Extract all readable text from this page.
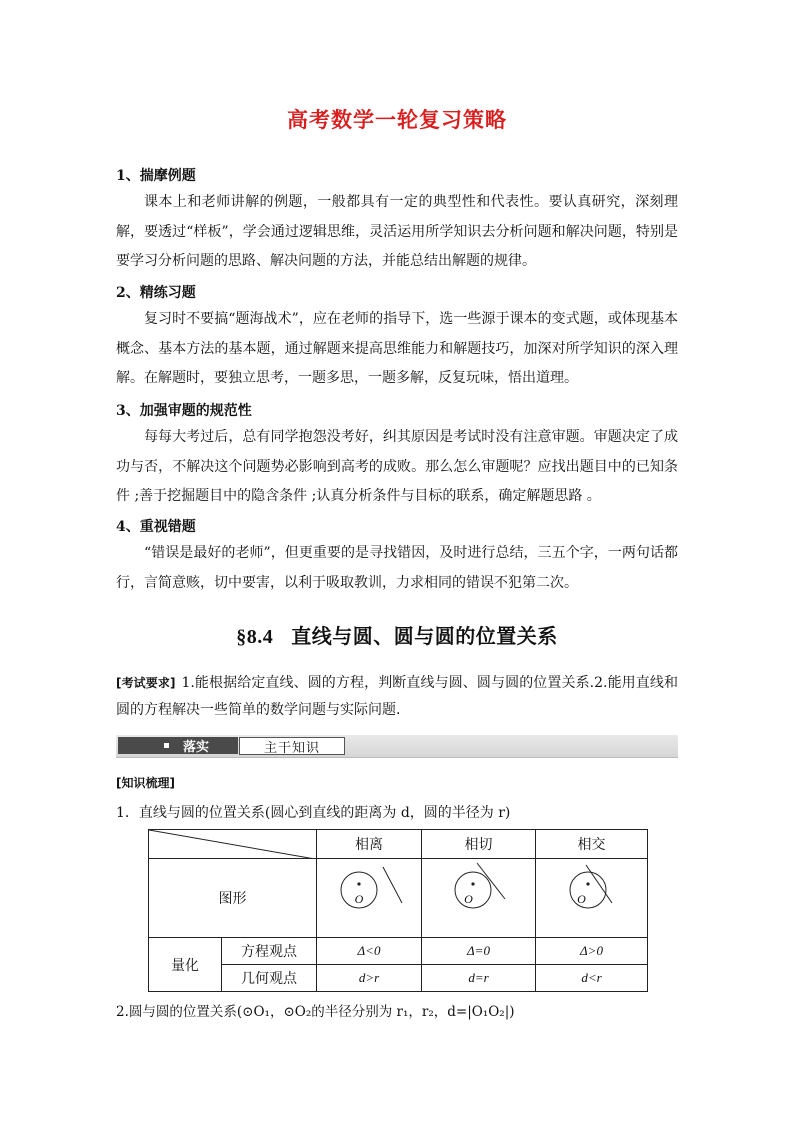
高考数学一轮复习策略
1、揣摩例题

课本上和老师讲解的例题，一般都具有一定的典型性和代表性。要认真研究，深刻理解，要透过“样板”，学会通过逻辑思维，灵活运用所学知识去分析问题和解决问题，特别是要学习分析问题的思路、解决问题的方法，并能总结出解题的规律。

2、精练习题

复习时不要搞“题海战术”，应在老师的指导下，选一些源于课本的变式题，或体现基本概念、基本方法的基本题，通过解题来提高思维能力和解题技巧，加深对所学知识的深入理解。在解题时，要独立思考，一题多思，一题多解，反复玩味，悟出道理。

3、加强审题的规范性

每每大考过后，总有同学抱怨没考好，纠其原因是考试时没有注意审题。审题决定了成功与否，不解决这个问题势必影响到高考的成败。那么怎么审题呢？应找出题目中的已知条件 ;善于挖掘题目中的隐含条件 ;认真分析条件与目标的联系，确定解题思路 。

4、重视错题

“错误是最好的老师”，但更重要的是寻找错因，及时进行总结，三五个字，一两句话都行，言简意赅，切中要害，以利于吸取教训，力求相同的错误不犯第二次。

§8.4 直线与圆、圆与圆的位置关系

[考试要求] 1.能根据给定直线、圆的方程，判断直线与圆、圆与圆的位置关系.2.能用直线和圆的方程解决一些简单的数学问题与实际问题.

落实	主干知识
[知识梳理]
1．直线与圆的位置关系(圆心到直线的距离为 d，圆的半径为 r)
	相离	相切	相交
图形		O	O	O
量化	方程观点	Δ<0	Δ=0	Δ>0
	几何观点	d>r	d=r	d<r
2.圆与圆的位置关系(⊙O₁，⊙O₂的半径分别为 r₁，r₂，d=|O₁O₂|)
